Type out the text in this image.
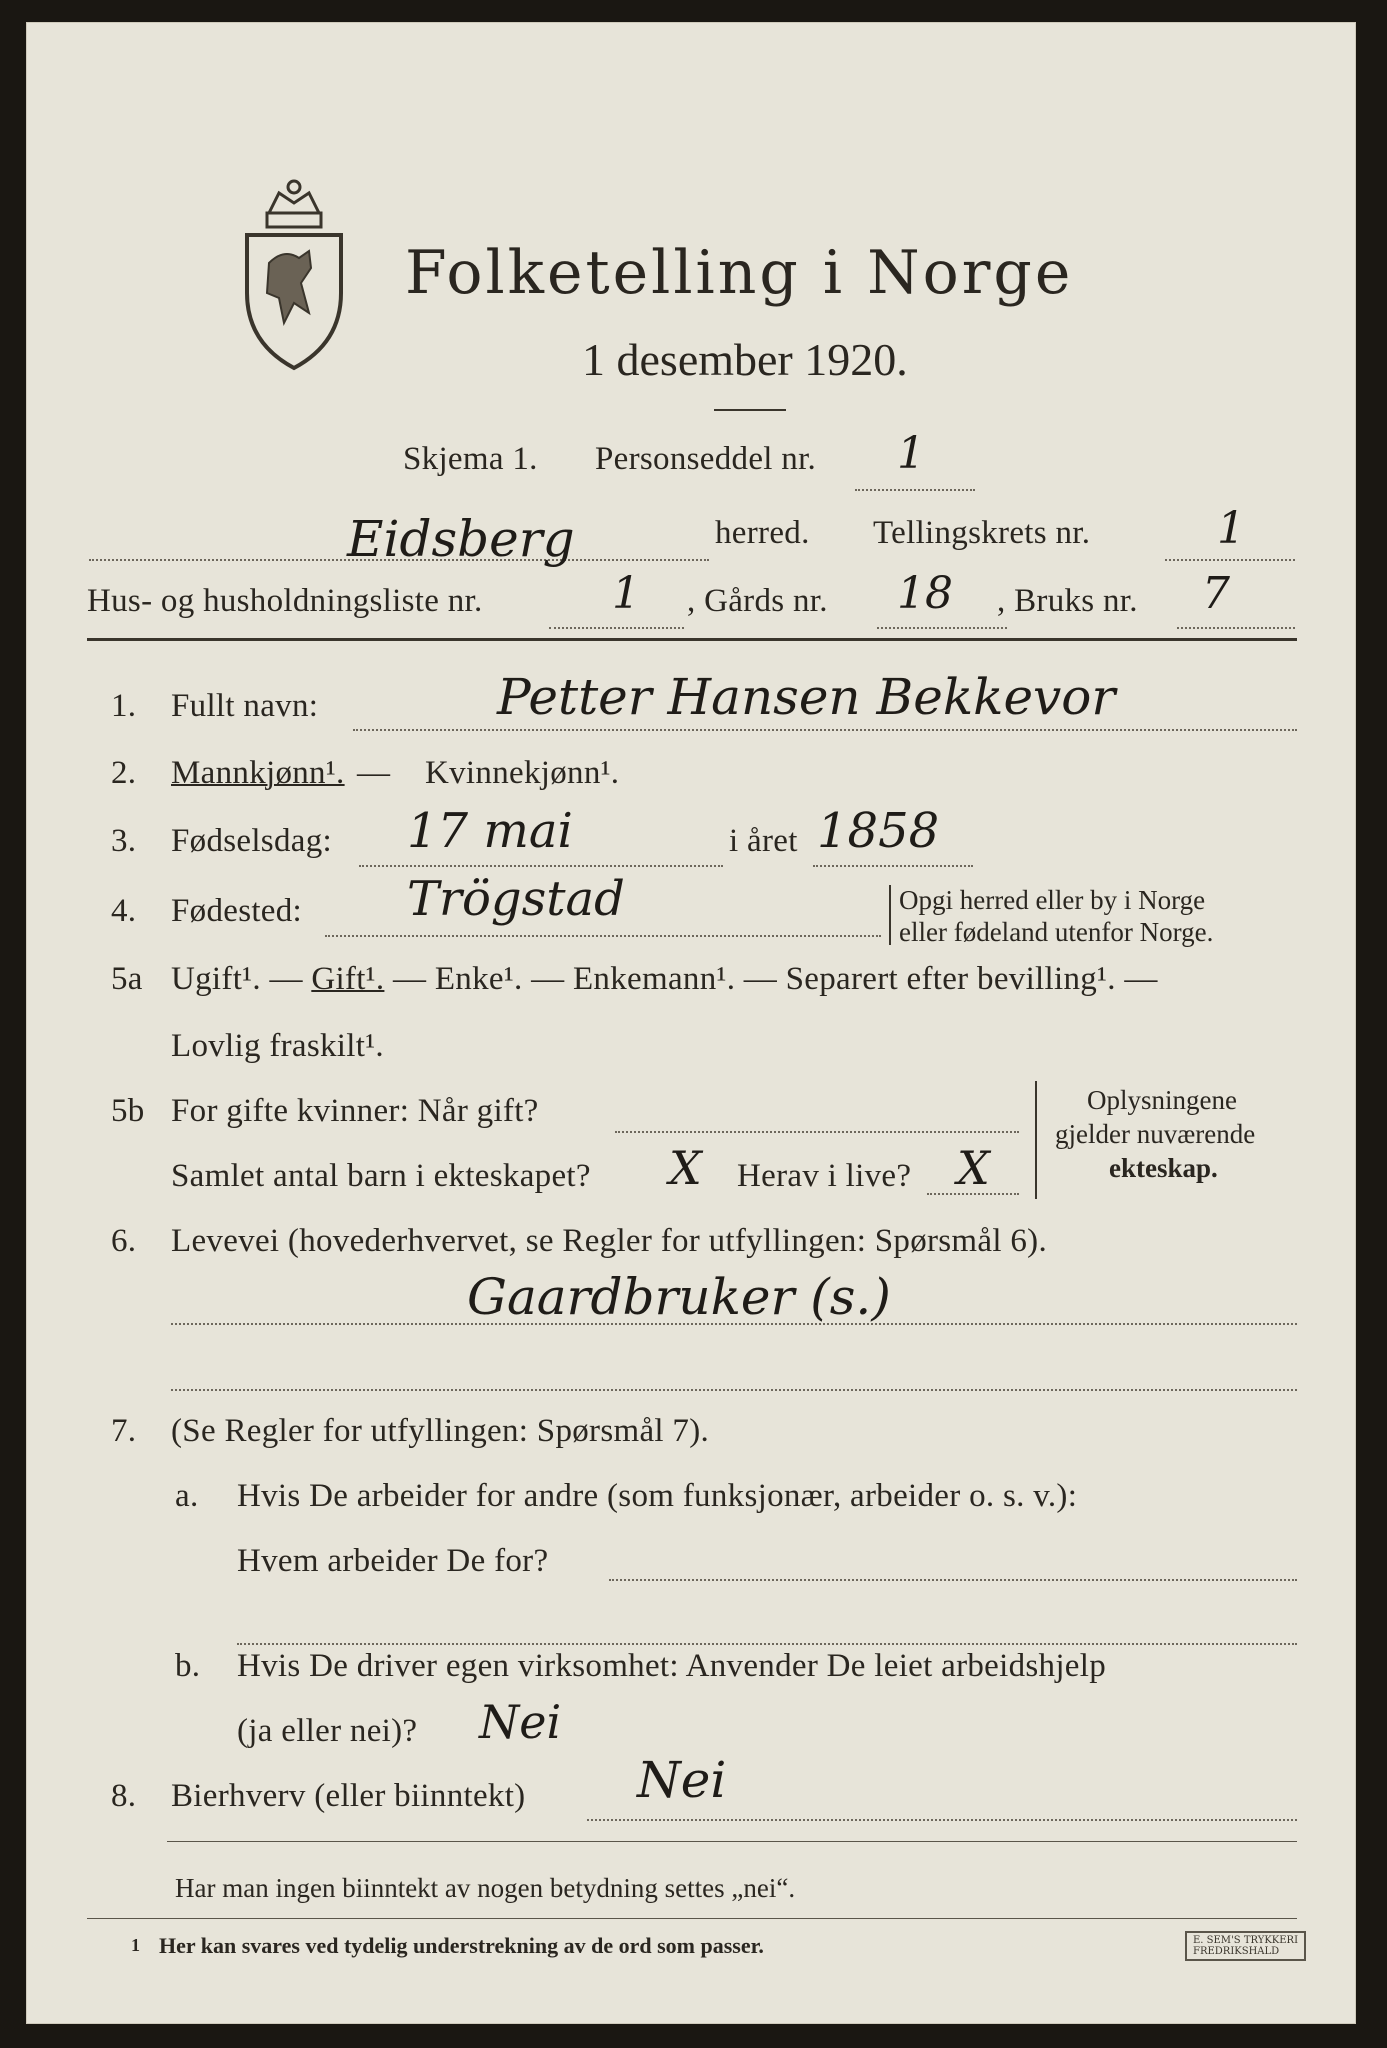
Folketelling i Norge
1 desember 1920.
Skjema 1. Personseddel nr. 1
Eidsberg	herred. Tellingskrets nr.	1
Hus- og husholdningsliste nr.	1 , Gårds nr. 18 , Bruks nr. 7
1. Fullt navn:	Petter Hansen Bekkevor
2. Mannkjønn¹. — Kvinnekjønn¹.
3. Fødselsdag: 17 mai	i året 1858
4. Fødested: Trögstad	Opgi herred eller by i Norge
eller fødeland utenfor Norge.
5a Ugift¹. — Gift¹. — Enke¹. — Enkemann¹. — Separert efter bevilling¹. —
Lovlig fraskilt¹.
5b For gifte kvinner: Når gift?
Samlet antal barn i ekteskapet? X Herav i live? X
Oplysningene
gjelder nuværende
ekteskap.
6. Levevei (hovederhvervet, se Regler for utfyllingen: Spørsmål 6).
Gaardbruker (s.)
7. (Se Regler for utfyllingen: Spørsmål 7).
a. Hvis De arbeider for andre (som funksjonær, arbeider o. s. v.):
Hvem arbeider De for?
b. Hvis De driver egen virksomhet: Anvender De leiet arbeidshjelp
(ja eller nei)? Nei
8. Bierhverv (eller biinntekt) Nei
Har man ingen biinntekt av nogen betydning settes „nei“.
1 Her kan svares ved tydelig understrekning av de ord som passer.	E. SEM'S TRYKKERI
FREDRIKSHALD
